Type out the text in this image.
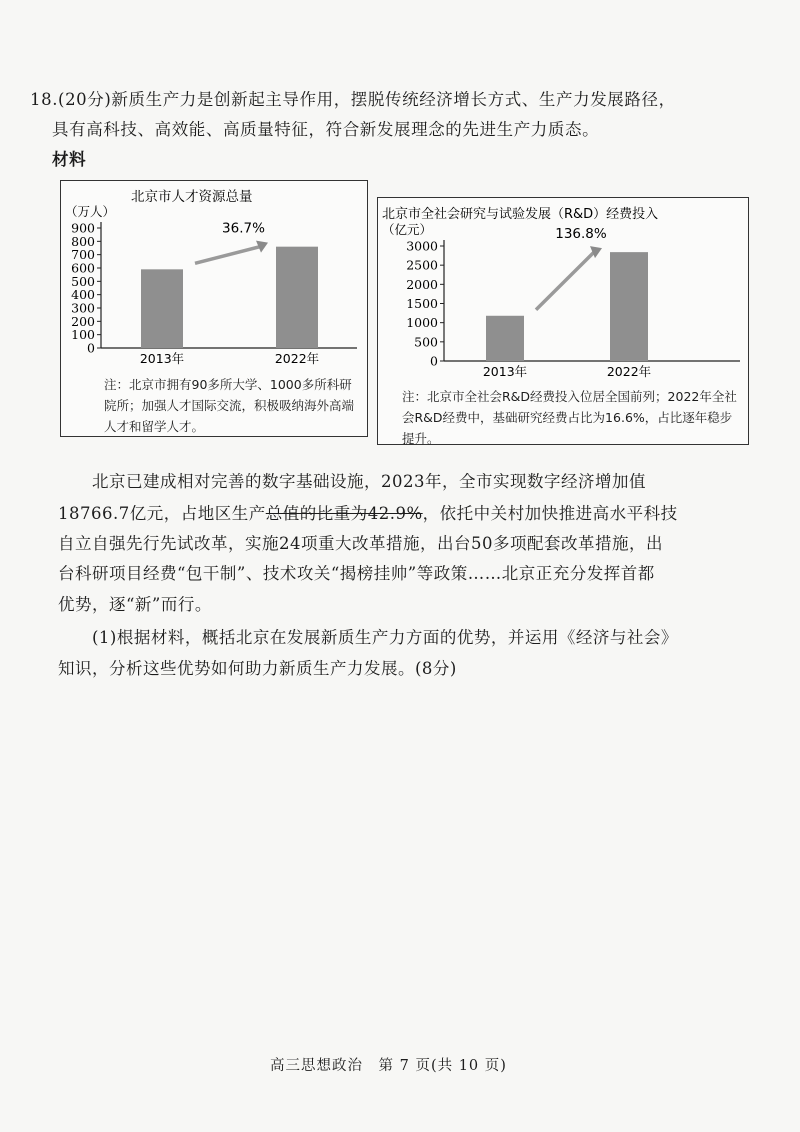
18.(20分)新质生产力是创新起主导作用，摆脱传统经济增长方式、生产力发展路径，
具有高科技、高效能、高质量特征，符合新发展理念的先进生产力质态。
材料
北京市人才资源总量
（万人）
0
100
200
300
400
500
600
700
800
900
2013年	2022年
36.7%
注：北京市拥有90多所大学、1000多所科研院所；加强人才国际交流，积极吸纳海外高端人才和留学人才。
北京市全社会研究与试验发展（R&D）经费投入
（亿元）
0
500
1000
1500
2000
2500
3000
2013年	2022年
136.8%
注：北京市全社会R&D经费投入位居全国前列；2022年全社会R&D经费中，基础研究经费占比为16.6%，占比逐年稳步提升。
北京已建成相对完善的数字基础设施，2023年，全市实现数字经济增加值
18766.7亿元，占地区生产总值的比重为42.9%，依托中关村加快推进高水平科技
自立自强先行先试改革，实施24项重大改革措施，出台50多项配套改革措施，出
台科研项目经费“包干制”、技术攻关“揭榜挂帅”等政策……北京正充分发挥首都
优势，逐“新”而行。
(1)根据材料，概括北京在发展新质生产力方面的优势，并运用《经济与社会》
知识，分析这些优势如何助力新质生产力发展。(8分)
高三思想政治　第 7 页(共 10 页)
